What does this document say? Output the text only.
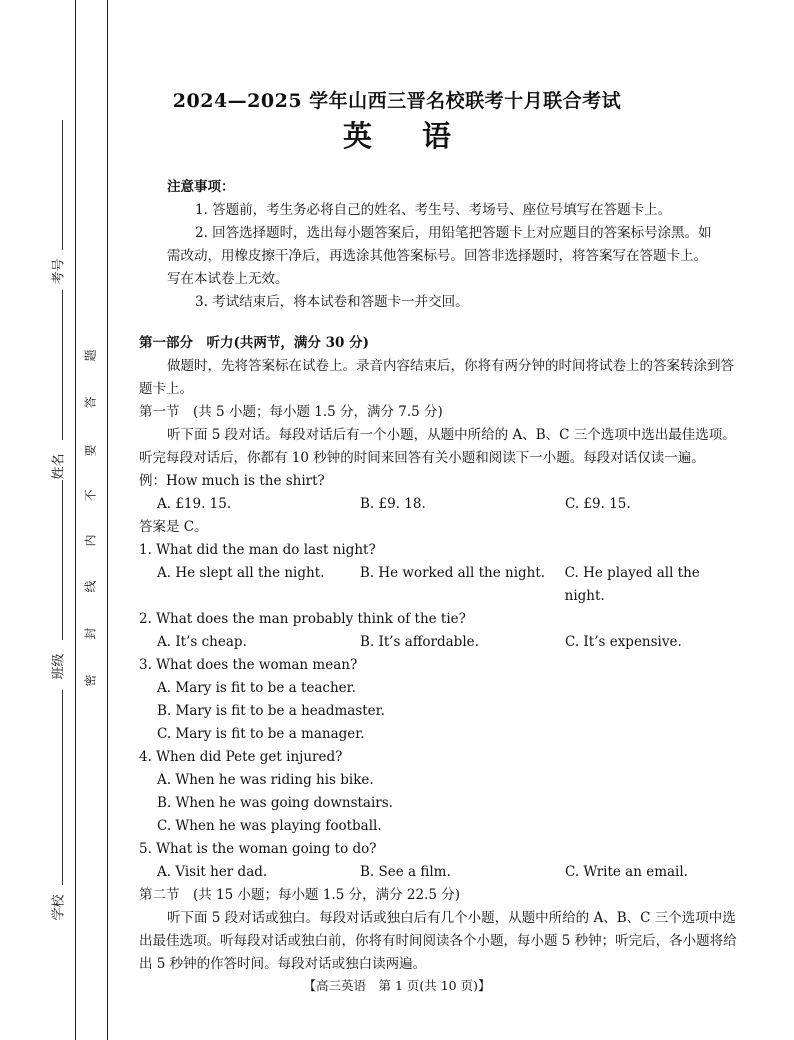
考号
姓名
班级
学校
密
封
线
内
不
要
答
题
2024—2025 学年山西三晋名校联考十月联合考试
英 语
注意事项：
1. 答题前，考生务必将自己的姓名、考生号、考场号、座位号填写在答题卡上。
2. 回答选择题时，选出每小题答案后，用铅笔把答题卡上对应题目的答案标号涂黑。如需改动，用橡皮擦干净后，再选涂其他答案标号。回答非选择题时，将答案写在答题卡上。写在本试卷上无效。
3. 考试结束后，将本试卷和答题卡一并交回。
第一部分　听力(共两节，满分 30 分)
做题时，先将答案标在试卷上。录音内容结束后，你将有两分钟的时间将试卷上的答案转涂到答题卡上。
第一节　(共 5 小题；每小题 1.5 分，满分 7.5 分)
听下面 5 段对话。每段对话后有一个小题，从题中所给的 A、B、C 三个选项中选出最佳选项。听完每段对话后，你都有 10 秒钟的时间来回答有关小题和阅读下一小题。每段对话仅读一遍。
例：How much is the shirt?
A. £19. 15.	B. £9. 18.	C. £9. 15.
答案是 C。
1. What did the man do last night?
A. He slept all the night.	B. He worked all the night.	C. He played all the night.
2. What does the man probably think of the tie?
A. It’s cheap.	B. It’s affordable.	C. It’s expensive.
3. What does the woman mean?
A. Mary is fit to be a teacher.
B. Mary is fit to be a headmaster.
C. Mary is fit to be a manager.
4. When did Pete get injured?
A. When he was riding his bike.
B. When he was going downstairs.
C. When he was playing football.
5. What is the woman going to do?
A. Visit her dad.	B. See a film.	C. Write an email.
第二节　(共 15 小题；每小题 1.5 分，满分 22.5 分)
听下面 5 段对话或独白。每段对话或独白后有几个小题，从题中所给的 A、B、C 三个选项中选出最佳选项。听每段对话或独白前，你将有时间阅读各个小题，每小题 5 秒钟；听完后，各小题将给出 5 秒钟的作答时间。每段对话或独白读两遍。
【高三英语　第 1 页(共 10 页)】
